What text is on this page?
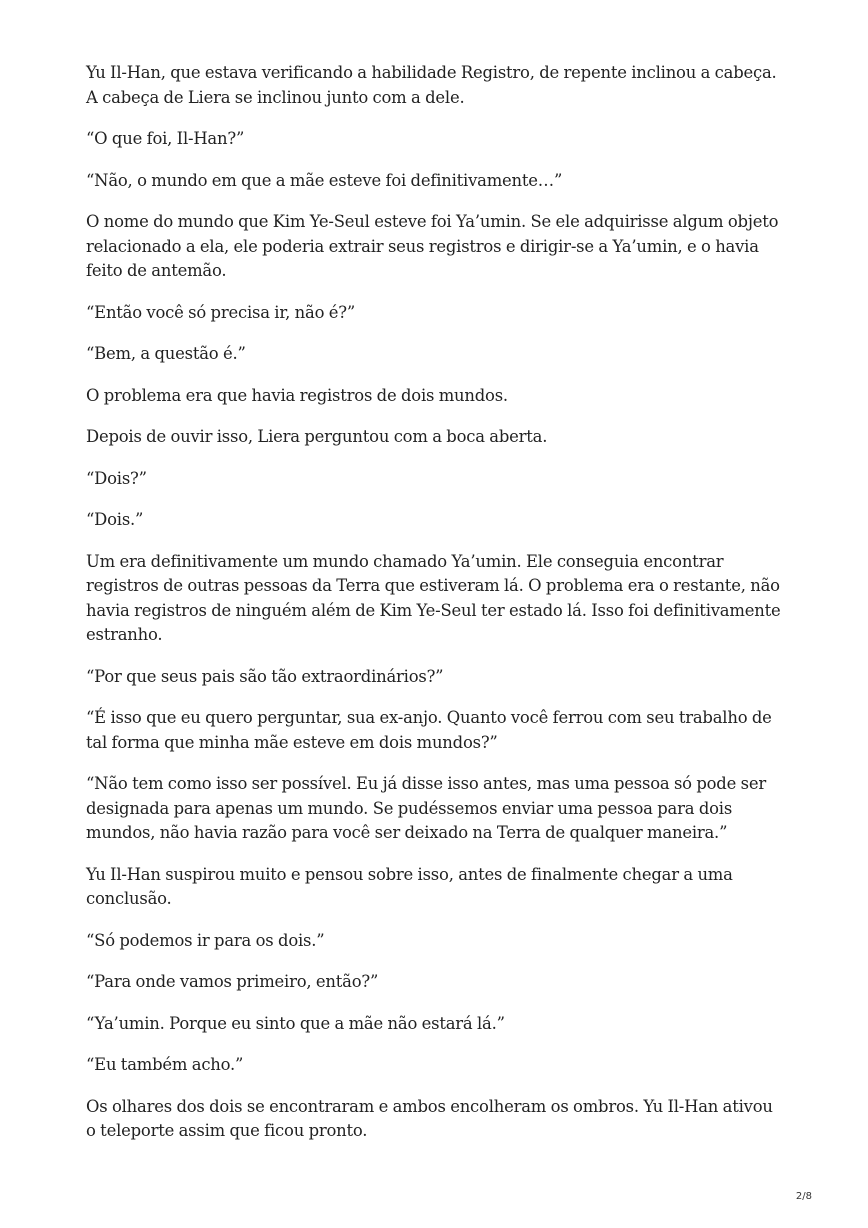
Yu Il-Han, que estava verificando a habilidade Registro, de repente inclinou a cabeça. A cabeça de Liera se inclinou junto com a dele.

“O que foi, Il-Han?”

“Não, o mundo em que a mãe esteve foi definitivamente…”

O nome do mundo que Kim Ye-Seul esteve foi Ya’umin. Se ele adquirisse algum objeto relacionado a ela, ele poderia extrair seus registros e dirigir-se a Ya’umin, e o havia feito de antemão.

“Então você só precisa ir, não é?”

“Bem, a questão é.”

O problema era que havia registros de dois mundos.

Depois de ouvir isso, Liera perguntou com a boca aberta.

“Dois?”

“Dois.”

Um era definitivamente um mundo chamado Ya’umin. Ele conseguia encontrar registros de outras pessoas da Terra que estiveram lá. O problema era o restante, não havia registros de ninguém além de Kim Ye-Seul ter estado lá. Isso foi definitivamente estranho.

“Por que seus pais são tão extraordinários?”

“É isso que eu quero perguntar, sua ex-anjo. Quanto você ferrou com seu trabalho de tal forma que minha mãe esteve em dois mundos?”

“Não tem como isso ser possível. Eu já disse isso antes, mas uma pessoa só pode ser designada para apenas um mundo. Se pudéssemos enviar uma pessoa para dois mundos, não havia razão para você ser deixado na Terra de qualquer maneira.”

Yu Il-Han suspirou muito e pensou sobre isso, antes de finalmente chegar a uma conclusão.

“Só podemos ir para os dois.”

“Para onde vamos primeiro, então?”

“Ya’umin. Porque eu sinto que a mãe não estará lá.”

“Eu também acho.”

Os olhares dos dois se encontraram e ambos encolheram os ombros. Yu Il-Han ativou o teleporte assim que ficou pronto.

2/8
